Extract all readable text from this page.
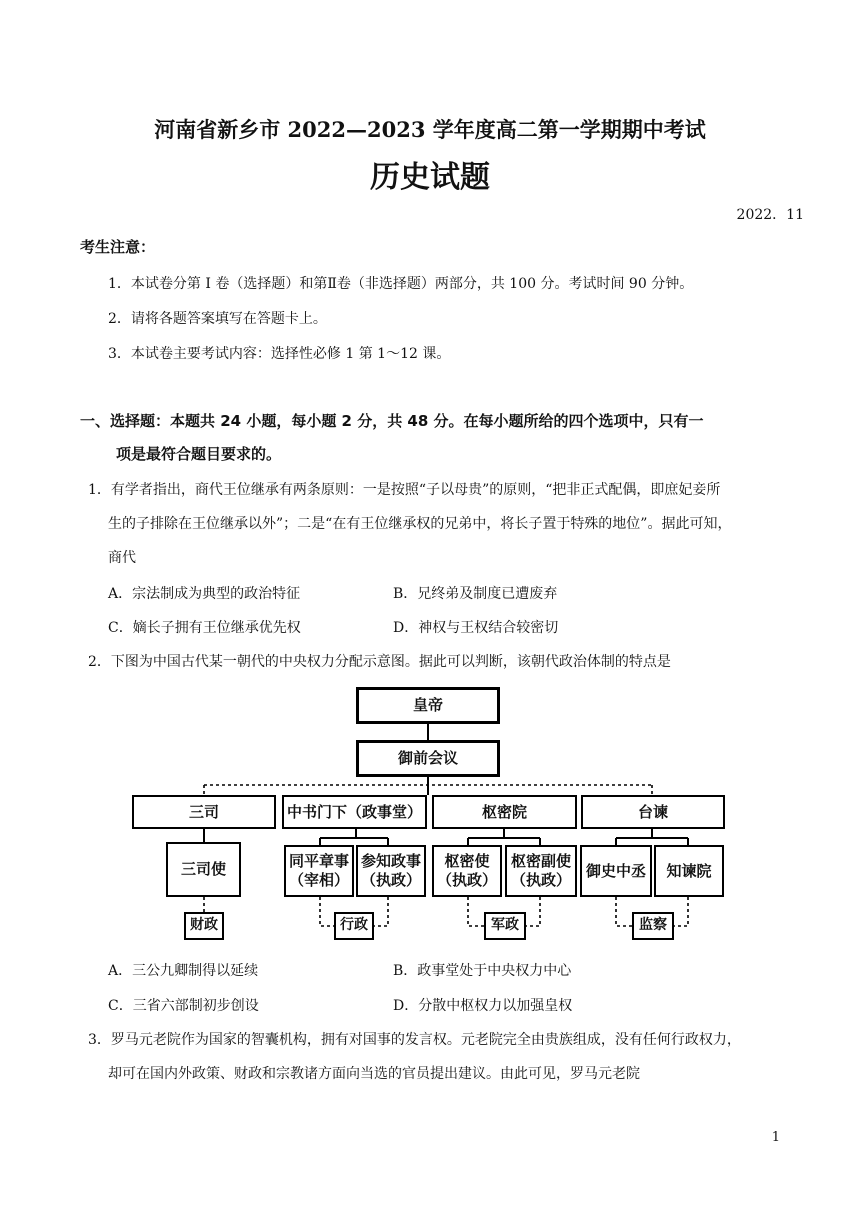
河南省新乡市 2022—2023 学年度高二第一学期期中考试
历史试题
2022．11
考生注意：
1．本试卷分第 I 卷（选择题）和第Ⅱ卷（非选择题）两部分，共 100 分。考试时间 90 分钟。
2．请将各题答案填写在答题卡上。
3．本试卷主要考试内容：选择性必修 1 第 1～12 课。
一、选择题：本题共 24 小题，每小题 2 分，共 48 分。在每小题所给的四个选项中，只有一
项是最符合题目要求的。
1．有学者指出，商代王位继承有两条原则：一是按照“子以母贵”的原则，“把非正式配偶，即庶妃妾所
生的子排除在王位继承以外”；二是“在有王位继承权的兄弟中，将长子置于特殊的地位”。据此可知，
商代
A．宗法制成为典型的政治特征	B．兄终弟及制度已遭废弃
C．嫡长子拥有王位继承优先权	D．神权与王权结合较密切
2．下图为中国古代某一朝代的中央权力分配示意图。据此可以判断，该朝代政治体制的特点是
皇帝
御前会议
三司	中书门下（政事堂）	枢密院	台谏
三司使	同平章事
（宰相）
参知政事
（执政）
枢密使
（执政）
枢密副使
（执政）
御史中丞	知谏院
财政	行政	军政	监察
A．三公九卿制得以延续	B．政事堂处于中央权力中心
C．三省六部制初步创设	D．分散中枢权力以加强皇权
3．罗马元老院作为国家的智囊机构，拥有对国事的发言权。元老院完全由贵族组成，没有任何行政权力，
却可在国内外政策、财政和宗教诸方面向当选的官员提出建议。由此可见，罗马元老院
1
